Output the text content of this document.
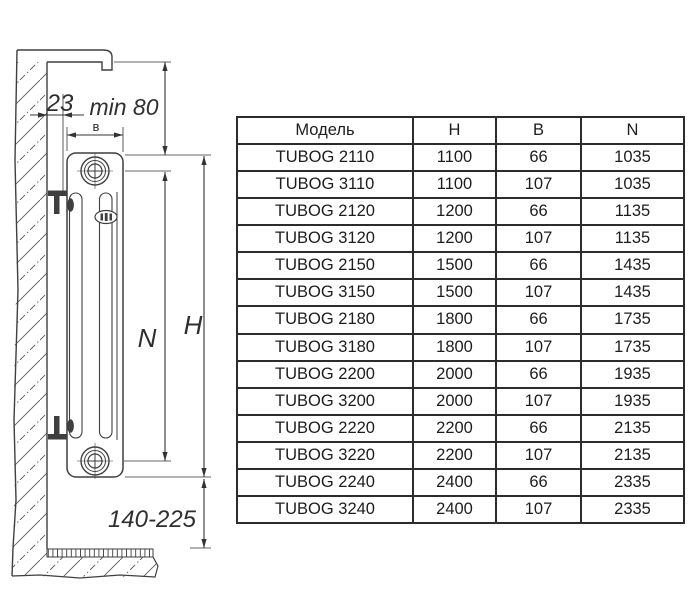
23 min 80
в
N H
140-225
Модель	H	B	N
TUBOG 2110	1100	66	1035
TUBOG 3110	1100	107	1035
TUBOG 2120	1200	66	1135
TUBOG 3120	1200	107	1135
TUBOG 2150	1500	66	1435
TUBOG 3150	1500	107	1435
TUBOG 2180	1800	66	1735
TUBOG 3180	1800	107	1735
TUBOG 2200	2000	66	1935
TUBOG 3200	2000	107	1935
TUBOG 2220	2200	66	2135
TUBOG 3220	2200	107	2135
TUBOG 2240	2400	66	2335
TUBOG 3240	2400	107	2335
